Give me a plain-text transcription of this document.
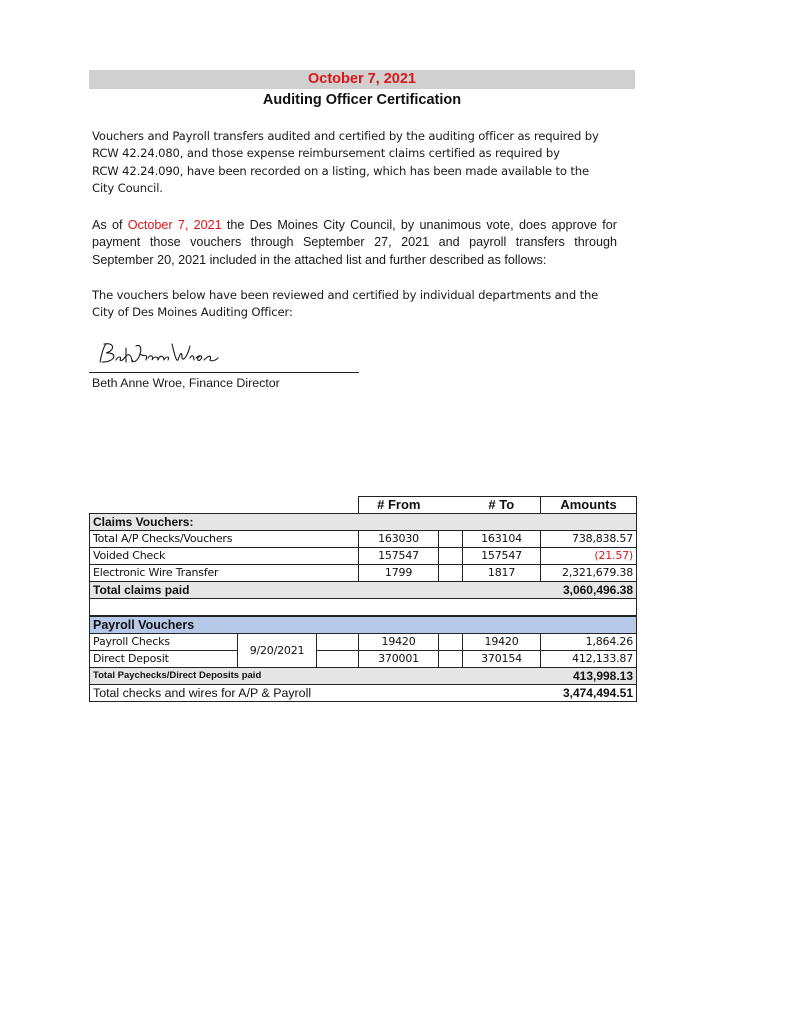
October 7, 2021
Auditing Officer Certification
Vouchers and Payroll transfers audited and certified by the auditing officer as required by
RCW 42.24.080, and those expense reimbursement claims certified as required by
RCW 42.24.090, have been recorded on a listing, which has been made available to the
City Council.
As of October 7, 2021 the Des Moines City Council, by unanimous vote, does approve for payment those vouchers through September 27, 2021 and payroll transfers through September 20, 2021 included in the attached list and further described as follows:
The vouchers below have been reviewed and certified by individual departments and the
City of Des Moines Auditing Officer:
Beth Anne Wroe, Finance Director
			# From		# To	Amounts
Claims Vouchers:						
Total A/P Checks/Vouchers			163030		163104	738,838.57
Voided Check			157547		157547	(21.57)
Electronic Wire Transfer			1799		1817	2,321,679.38
Total claims paid						3,060,496.38

Payroll Vouchers						
Payroll Checks	9/20/2021		19420		19420	1,864.26
Direct Deposit			370001		370154	412,133.87
Total Paychecks/Direct Deposits paid						413,998.13
Total checks and wires for A/P & Payroll						3,474,494.51
